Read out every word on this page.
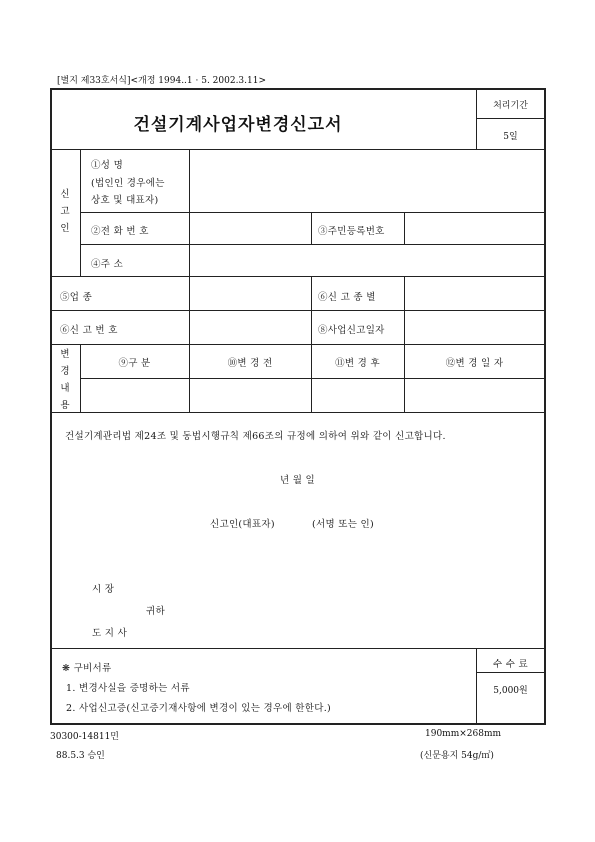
[별지 제33호서식]<개정 1994..1 · 5. 2002.3.11>
건설기계사업자변경신고서
처리기간
5일
신
고
인
①성 명
(법인인 경우에는
상호 및 대표자)
②전 화 번 호	③주민등록번호
④주 소
⑤업 종	⑥신 고 종 별
⑥신 고 번 호	⑧사업신고일자
변
경
내
용
⑨구 분	⑩변 경 전	⑪변 경 후	⑫변 경 일 자
건설기계관리법 제24조 및 동법시행규칙 제66조의 규정에 의하여 위와 같이 신고합니다.
년 월 일
신고인(대표자)	(서명 또는 인)
시 장
귀하
도 지 사
❋ 구비서류
1. 변경사실을 증명하는 서류
2. 사업신고증(신고증기재사항에 변경이 있는 경우에 한한다.)
수 수 료
5,000원
30300-14811민
88.5.3 승인
190mm×268mm
(신문용지 54g/㎡)
